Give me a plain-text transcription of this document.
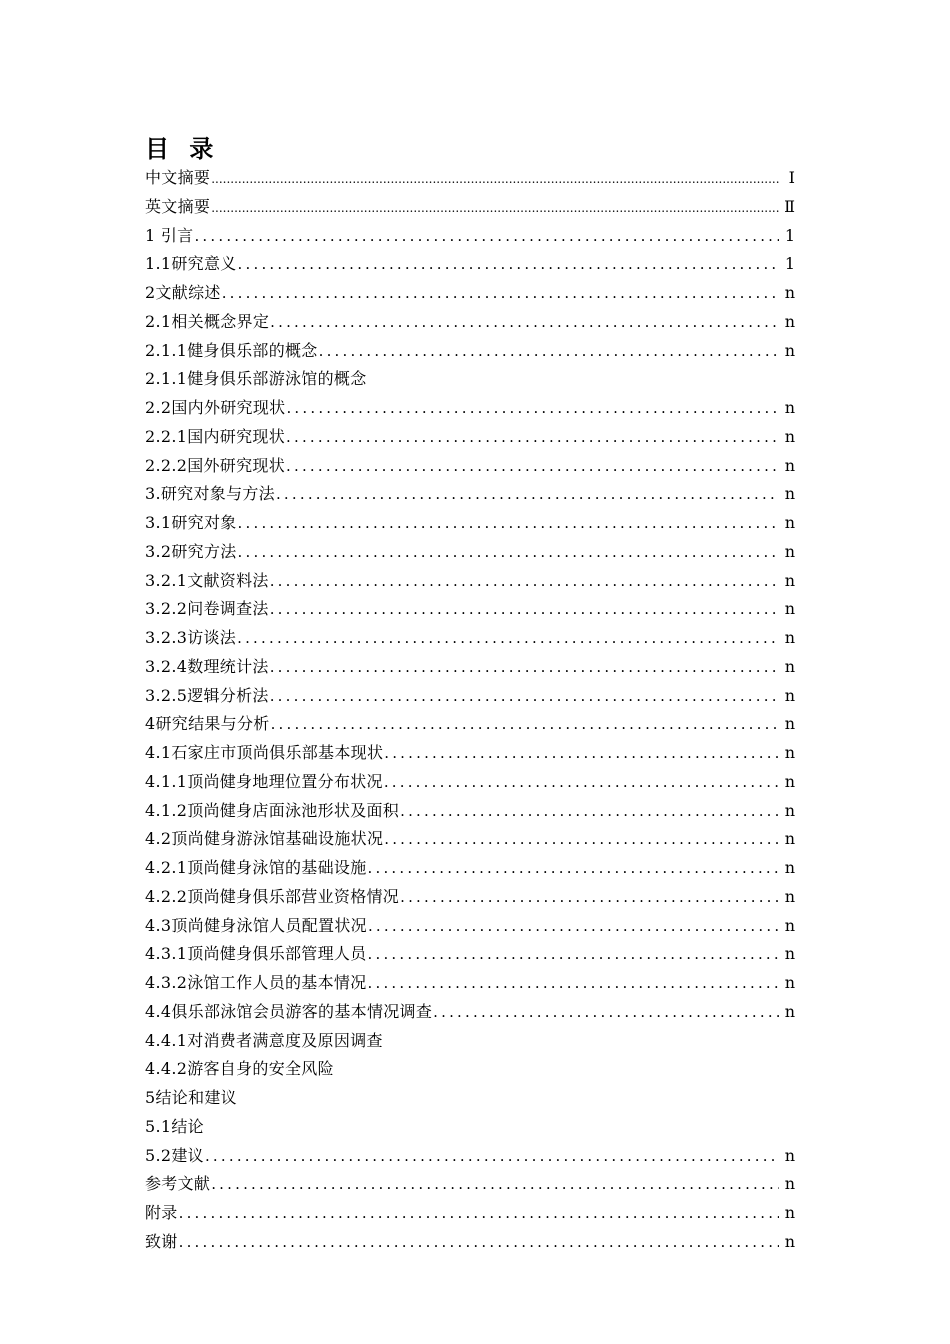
目 录
中文摘要 .....	I
英文摘要 .....	Ⅱ
1 引言 .....	1
1.1研究意义 .....	1
2文献综述 .....	n
2.1相关概念界定 .....	n
2.1.1健身俱乐部的概念 .....	n
2.1.1健身俱乐部游泳馆的概念
2.2国内外研究现状 .....	n
2.2.1国内研究现状 .....	n
2.2.2国外研究现状 .....	n
3.研究对象与方法 .....	n
3.1研究对象 .....	n
3.2研究方法 .....	n
3.2.1文献资料法 .....	n
3.2.2问卷调查法 .....	n
3.2.3访谈法 .....	n
3.2.4数理统计法 .....	n
3.2.5逻辑分析法 .....	n
4研究结果与分析 .....	n
4.1石家庄市顶尚俱乐部基本现状 .....	n
4.1.1顶尚健身地理位置分布状况 .....	n
4.1.2顶尚健身店面泳池形状及面积 .....	n
4.2顶尚健身游泳馆基础设施状况 .....	n
4.2.1顶尚健身泳馆的基础设施 .....	n
4.2.2顶尚健身俱乐部营业资格情况 .....	n
4.3顶尚健身泳馆人员配置状况 .....	n
4.3.1顶尚健身俱乐部管理人员 .....	n
4.3.2泳馆工作人员的基本情况 .....	n
4.4俱乐部泳馆会员游客的基本情况调查 .....	n
4.4.1对消费者满意度及原因调查
4.4.2游客自身的安全风险
5结论和建议
5.1结论
5.2建议 .....	n
参考文献 .....	n
附录 .....	n
致谢 .....	n
